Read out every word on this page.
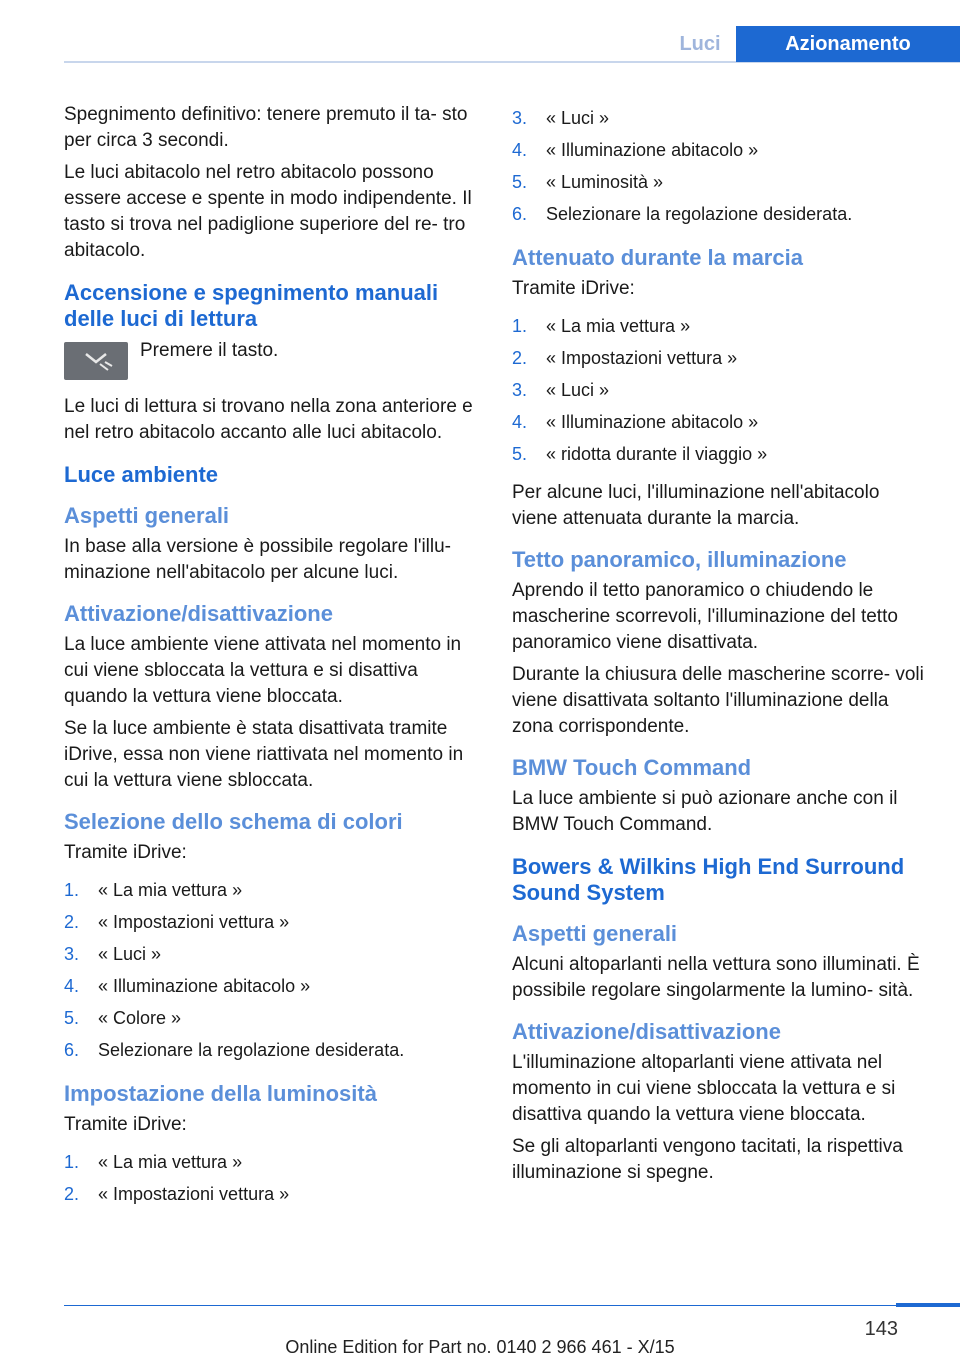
Luci	Azionamento

Spegnimento definitivo: tenere premuto il ta‐ sto per circa 3 secondi.

Le luci abitacolo nel retro abitacolo possono essere accese e spente in modo indipendente. Il tasto si trova nel padiglione superiore del re‐ tro abitacolo.

Accensione e spegnimento manuali delle luci di lettura

Premere il tasto.

Le luci di lettura si trovano nella zona anteriore e nel retro abitacolo accanto alle luci abitacolo.

Luce ambiente
Aspetti generali

In base alla versione è possibile regolare l'illu‐ minazione nell'abitacolo per alcune luci.

Attivazione/disattivazione

La luce ambiente viene attivata nel momento in cui viene sbloccata la vettura e si disattiva quando la vettura viene bloccata.

Se la luce ambiente è stata disattivata tramite iDrive, essa non viene riattivata nel momento in cui la vettura viene sbloccata.

Selezione dello schema di colori

Tramite iDrive:

1. « La mia vettura »
2. « Impostazioni vettura »
3. « Luci »
4. « Illuminazione abitacolo »
5. « Colore »
6. Selezionare la regolazione desiderata.
Impostazione della luminosità

Tramite iDrive:

1. « La mia vettura »
2. « Impostazioni vettura »
3. « Luci »
4. « Illuminazione abitacolo »
5. « Luminosità »
6. Selezionare la regolazione desiderata.
Attenuato durante la marcia

Tramite iDrive:

1. « La mia vettura »
2. « Impostazioni vettura »
3. « Luci »
4. « Illuminazione abitacolo »
5. « ridotta durante il viaggio »

Per alcune luci, l'illuminazione nell'abitacolo viene attenuata durante la marcia.

Tetto panoramico, illuminazione

Aprendo il tetto panoramico o chiudendo le mascherine scorrevoli, l'illuminazione del tetto panoramico viene disattivata.

Durante la chiusura delle mascherine scorre‐ voli viene disattivata soltanto l'illuminazione della zona corrispondente.

BMW Touch Command

La luce ambiente si può azionare anche con il BMW Touch Command.

Bowers & Wilkins High End Surround Sound System
Aspetti generali

Alcuni altoparlanti nella vettura sono illuminati. È possibile regolare singolarmente la lumino‐ sità.

Attivazione/disattivazione

L'illuminazione altoparlanti viene attivata nel momento in cui viene sbloccata la vettura e si disattiva quando la vettura viene bloccata.

Se gli altoparlanti vengono tacitati, la rispettiva illuminazione si spegne.

143
Online Edition for Part no. 0140 2 966 461 - X/15
